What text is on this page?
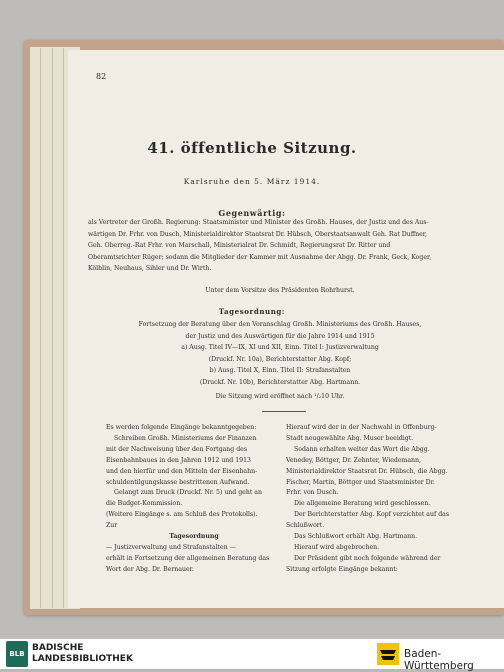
82
41. öffentliche Sitzung.
Karlsruhe den 5. März 1914.
Gegenwärtig:
als Vertreter der Großh. Regierung: Staatsminister und Minister des Großh. Hauses, der Justiz und des Aus-
wärtigen Dr. Frhr. von Dusch, Ministerialdirektor Staatsrat Dr. Hübsch, Oberstaatsanwalt Geh. Rat Duffner,
Geh. Oberreg.-Rat Frhr. von Marschall, Ministerialrat Dr. Schmidt, Regierungsrat Dr. Ritter und
Oberamtsrichter Rüger; sodann die Mitglieder der Kammer mit Ausnahme der Abgg. Dr. Frank, Geck, Koger,
Kölblin, Neuhaus, Sihler und Dr. Wirth.
Unter dem Vorsitze des Präsidenten Rohrhurst.
Tagesordnung:
Fortsetzung der Beratung über den Voranschlag Großh. Ministeriums des Großh. Hauses,
der Justiz und des Auswärtigen für die Jahre 1914 und 1915
a) Ausg. Titel IV—IX, XI und XII, Einn. Titel I: Justizverwaltung
(Druckf. Nr. 10a), Berichterstatter Abg. Kopf;
b) Ausg. Titel X, Einn. Titel II: Strafanstalten
(Druckf. Nr. 10b), Berichterstatter Abg. Hartmann.
Die Sitzung wird eröffnet nach ¹/₂10 Uhr.
Es werden folgende Eingänge bekanntgegeben:
Schreiben Großh. Ministeriums der Finanzen
mit der Nachweisung über den Fortgang des
Eisenbahnbaues in den Jahren 1912 und 1913
und den hierfür und den Mitteln der Eisenbahn-
schuldentilgungskasse bestrittenen Aufwand.
Gelangt zum Druck (Druckf. Nr. 5) und geht an
die Budget-Kommission.
(Weitere Eingänge s. am Schluß des Protokolls).
Zur
Tagesordnung
— Justizverwaltung und Strafanstalten —
erhält in Fortsetzung der allgemeinen Beratung das
Wort der Abg. Dr. Bernauer.
Hierauf wird der in der Nachwahl in Offenburg-
Stadt neugewählte Abg. Muser beeidigt.
Sodann erhalten weiter das Wort die Abgg.
Venedey, Böttger, Dr. Zehnter, Wiedemann,
Ministerialdirektor Staatsrat Dr. Hübsch, die Abgg.
Fischer, Martin, Böttger und Staatsminister Dr.
Frhr. von Dusch.
Die allgemeine Beratung wird geschlossen.
Der Berichterstatter Abg. Kopf verzichtet auf das
Schlußwort.
Das Schlußwort erhält Abg. Hartmann.
Hierauf wird abgebrochen.
Der Präsident gibt noch folgende während der
Sitzung erfolgte Eingänge bekannt:
BLB
BADISCHE
LANDESBIBLIOTHEK	Baden-Württemberg
